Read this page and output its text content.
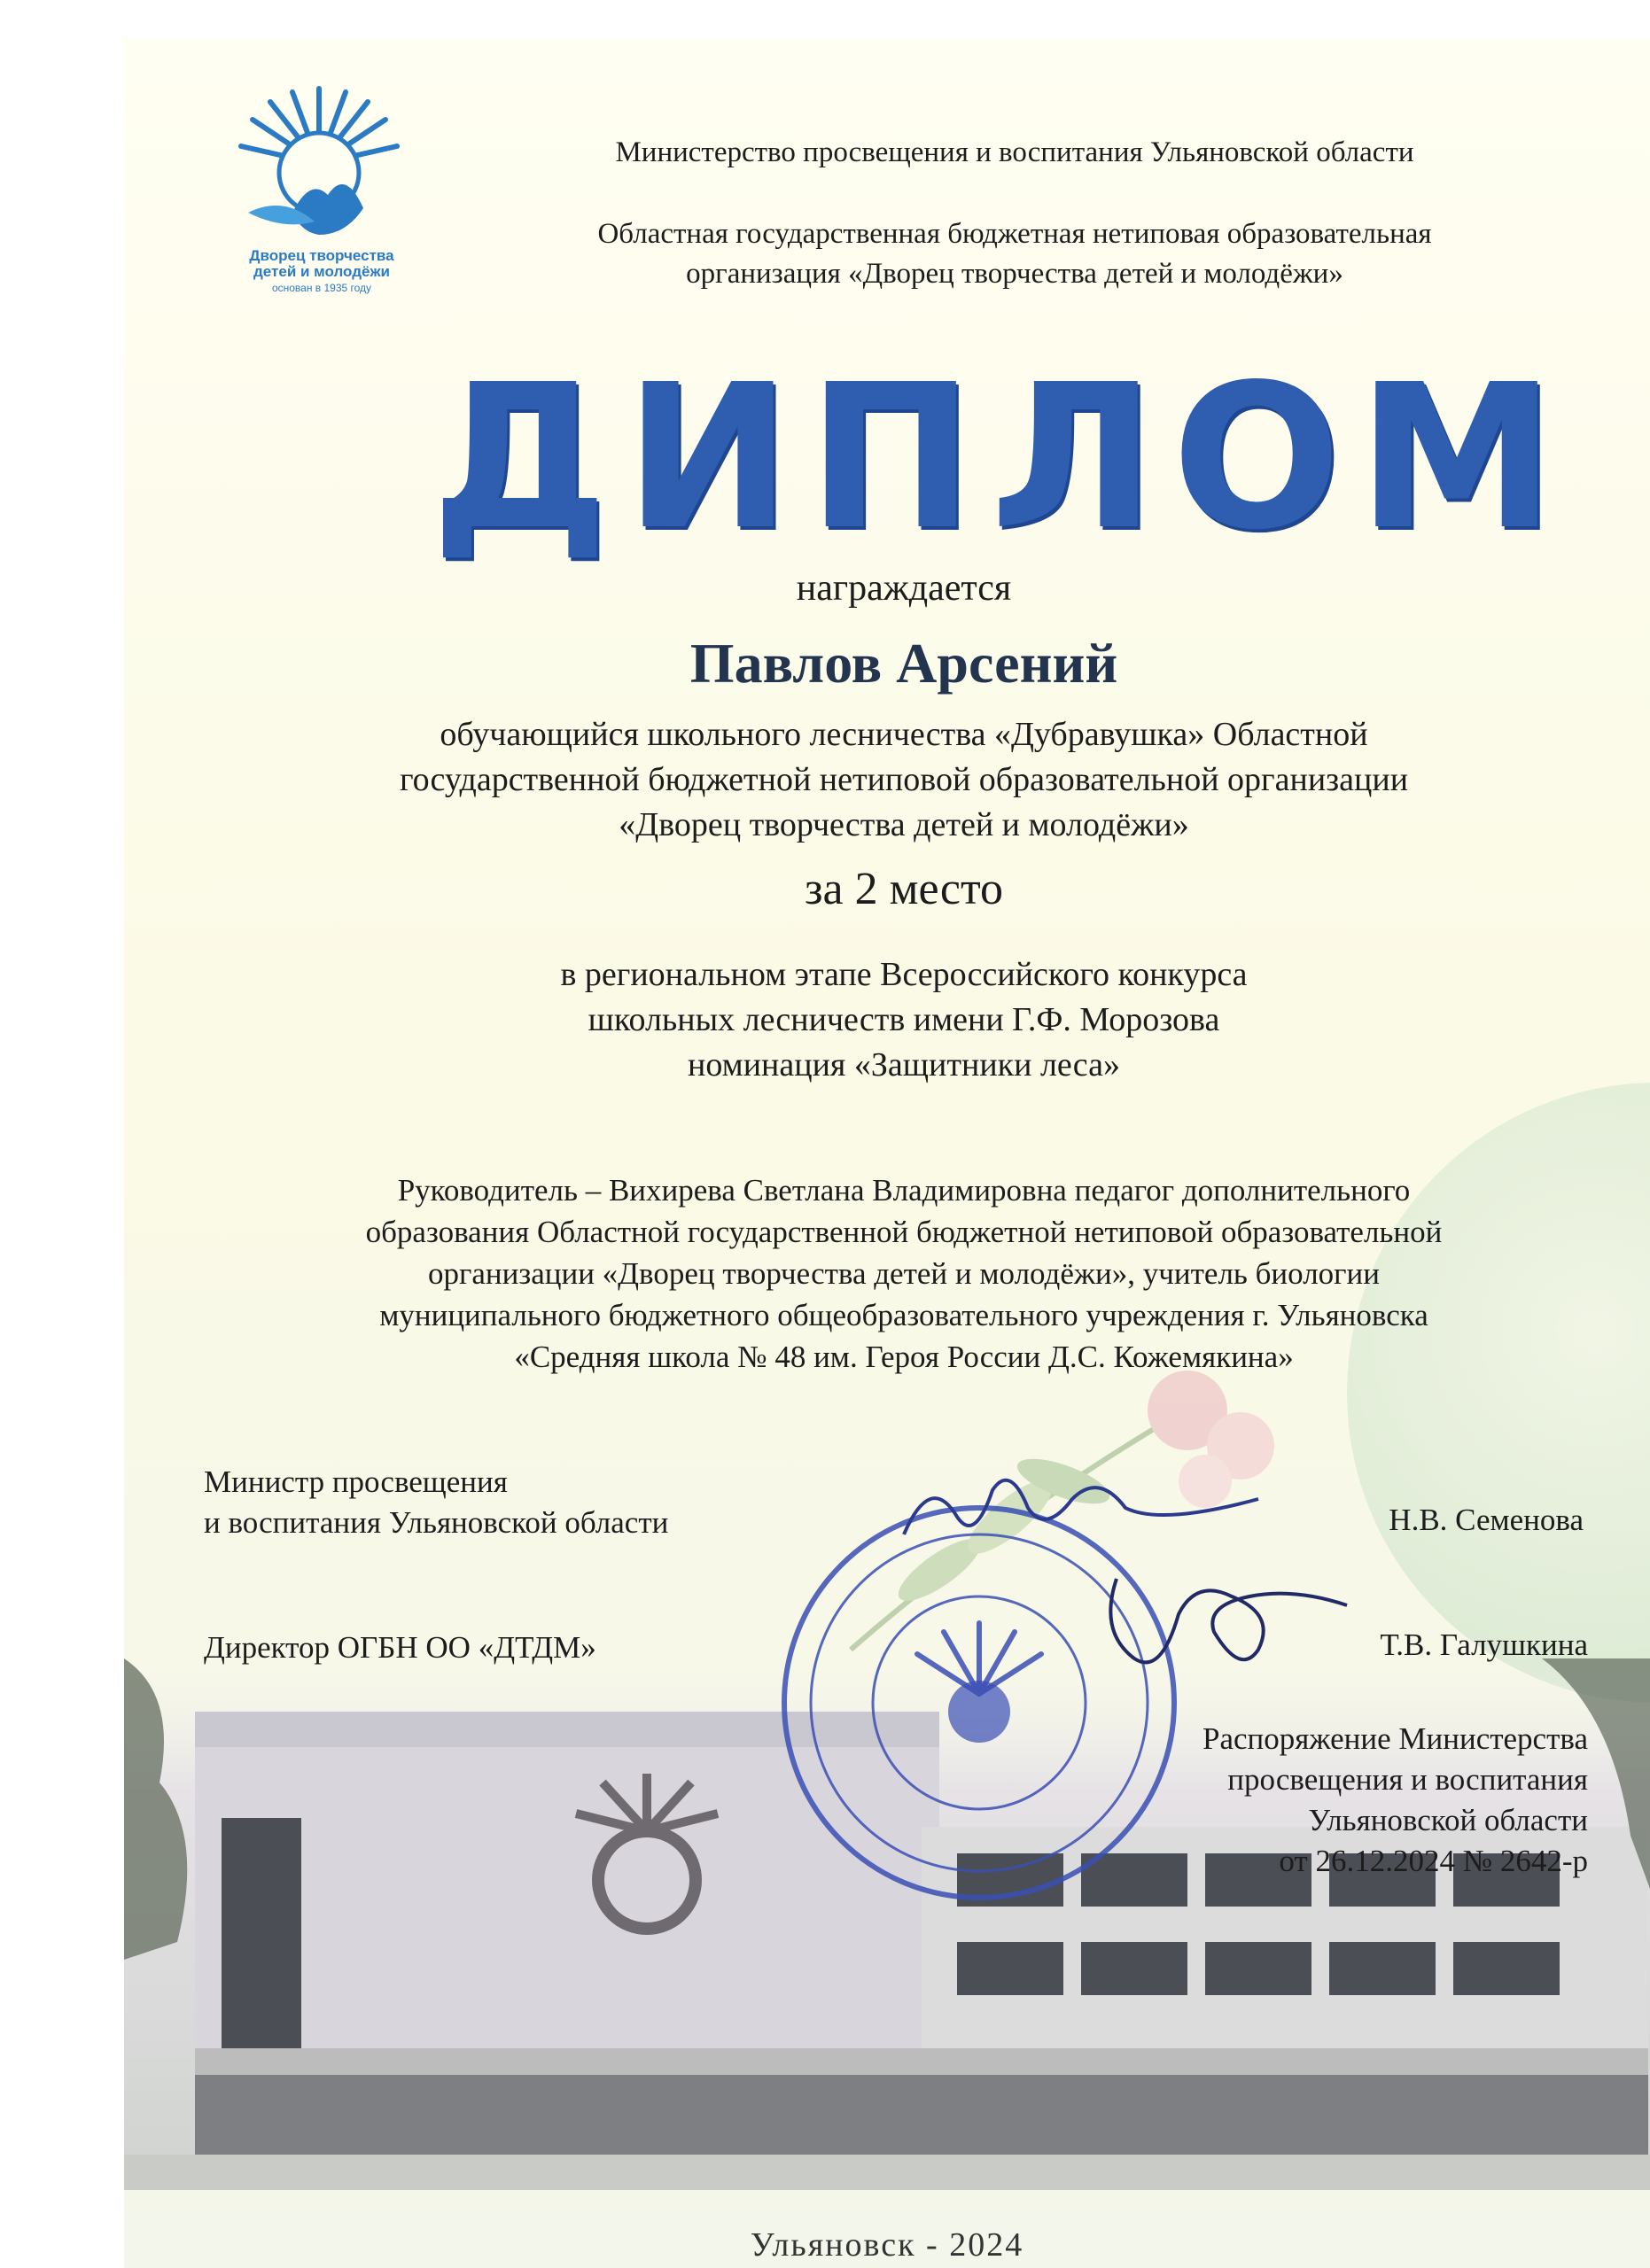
Дворец творчества
детей и молодёжи
основан в 1935 году
Министерство просвещения и воспитания Ульяновской области
Областная государственная бюджетная нетиповая образовательная
организация «Дворец творчества детей и молодёжи»
ДИПЛОМ
награждается
Павлов Арсений
обучающийся школьного лесничества «Дубравушка» Областной
государственной бюджетной нетиповой образовательной организации
«Дворец творчества детей и молодёжи»
за 2 место
в региональном этапе Всероссийского конкурса
школьных лесничеств имени Г.Ф. Морозова
номинация «Защитники леса»
Руководитель – Вихирева Светлана Владимировна педагог дополнительного
образования Областной государственной бюджетной нетиповой образовательной
организации «Дворец творчества детей и молодёжи», учитель биологии
муниципального бюджетного общеобразовательного учреждения г. Ульяновска
«Средняя школа № 48 им. Героя России Д.С. Кожемякина»
Министр просвещения
и воспитания Ульяновской области	Н.В. Семенова
Директор ОГБН ОО «ДТДМ»	Т.В. Галушкина
Распоряжение Министерства
просвещения и воспитания
Ульяновской области
от 26.12.2024 № 2642-р
Ульяновск - 2024
